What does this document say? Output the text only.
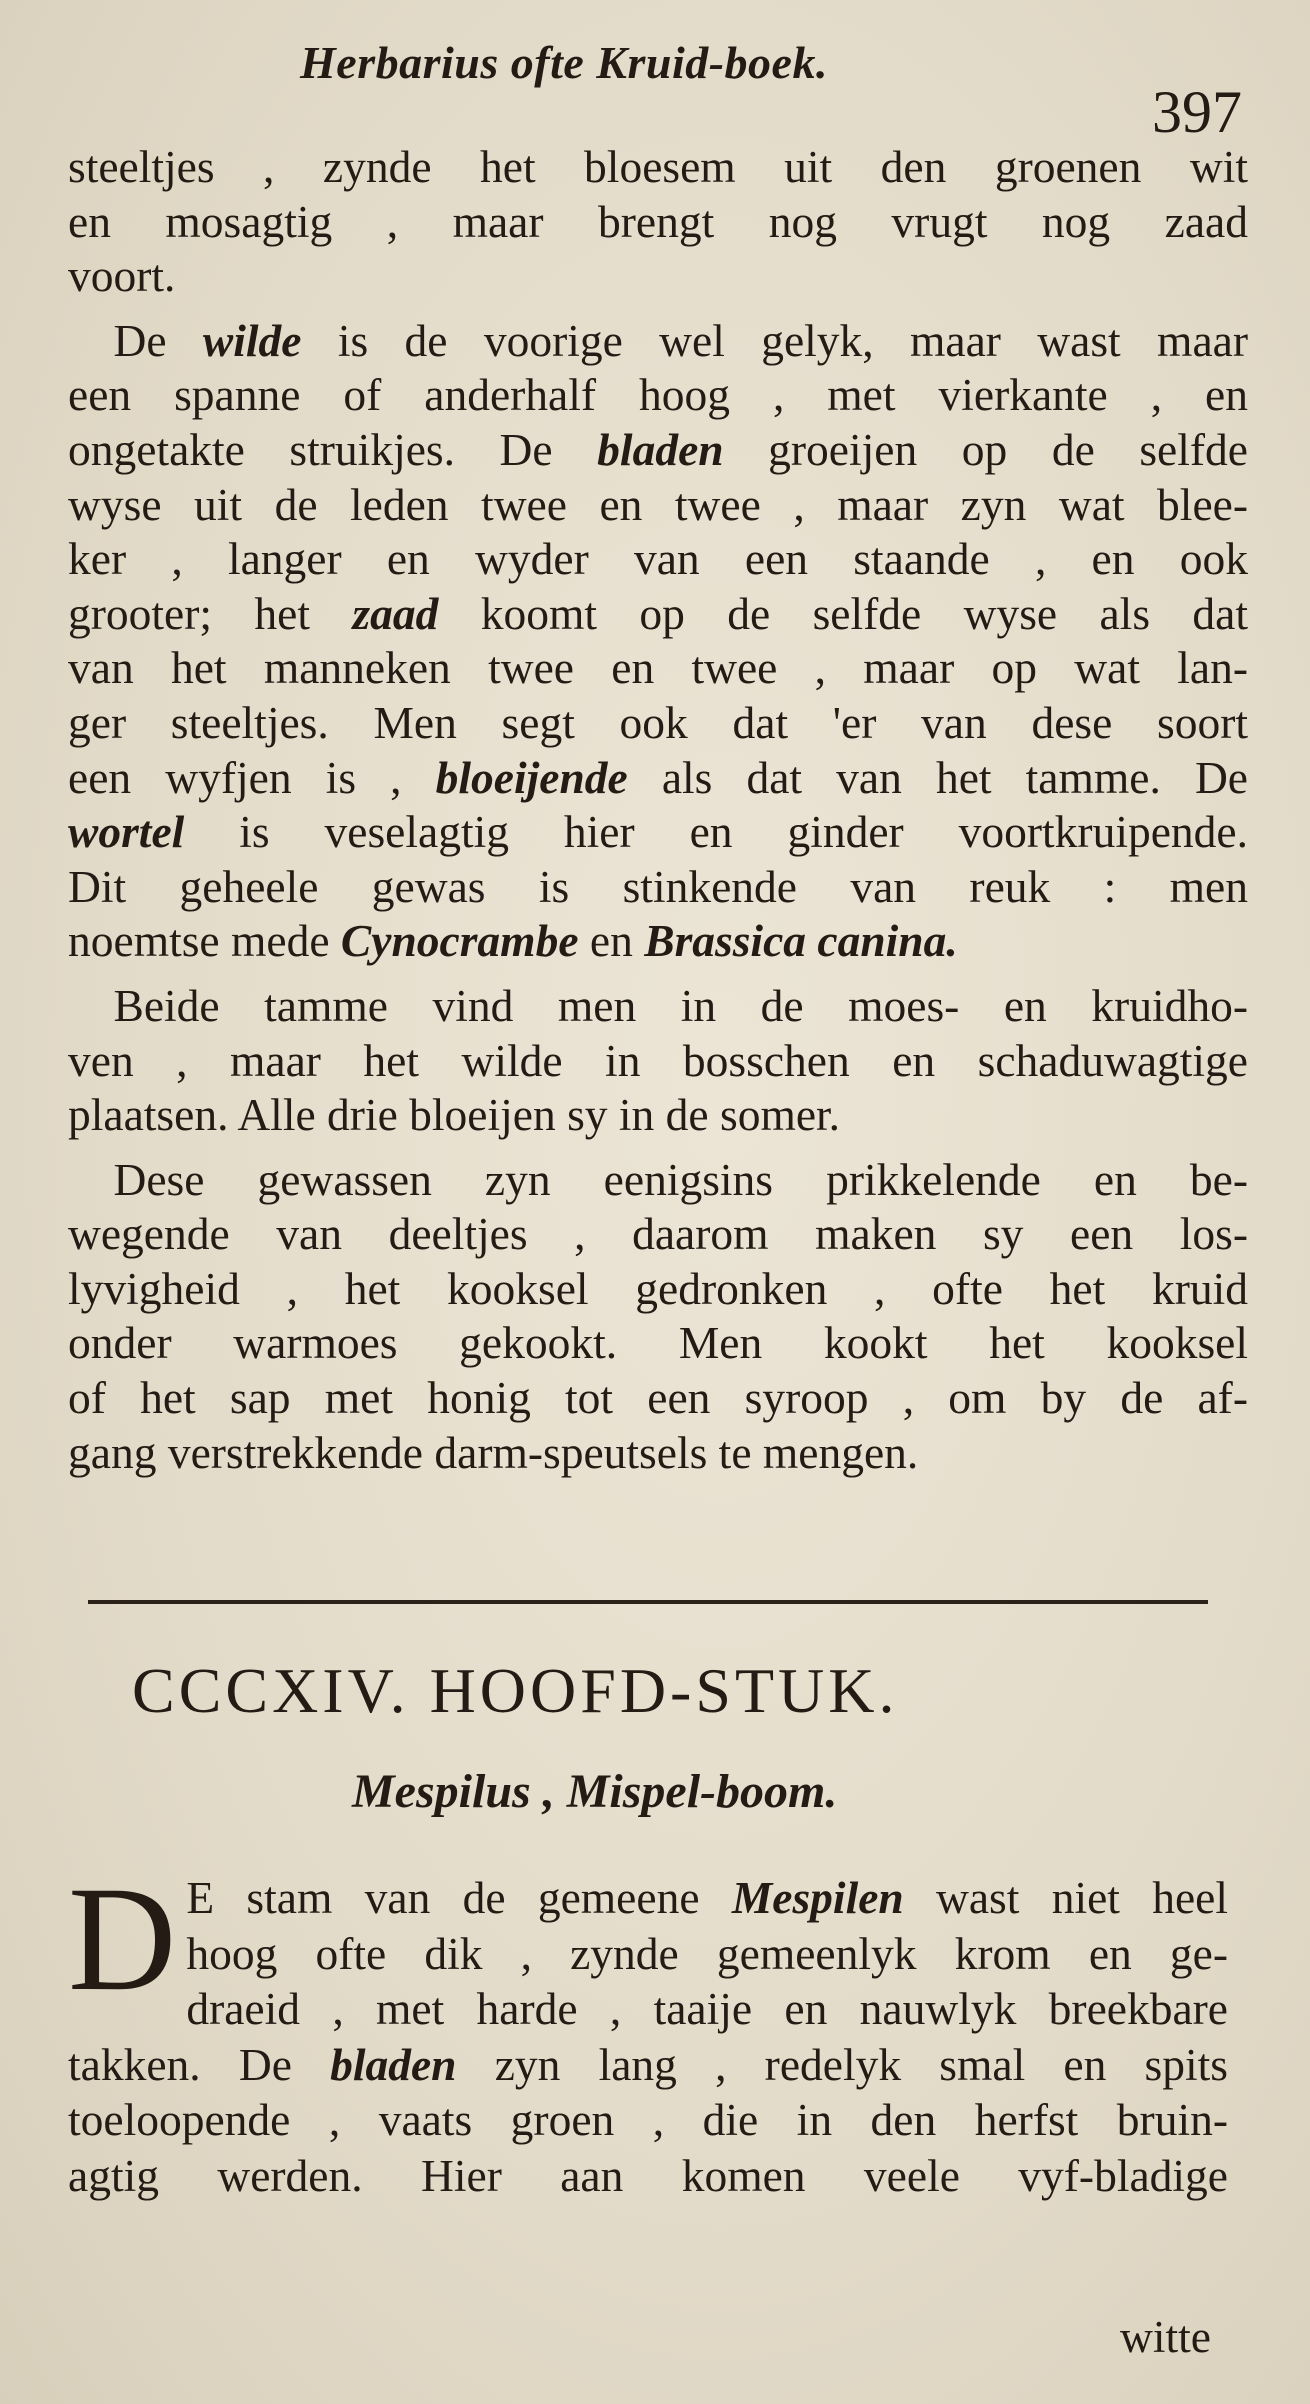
Herbarius ofte Kruid-boek.
397

steeltjes , zynde het bloesem uit den groenen wit

en mosagtig , maar brengt nog vrugt nog zaad

voort.

 De wilde is de voorige wel gelyk, maar wast maar

een spanne of anderhalf hoog , met vierkante , en

ongetakte struikjes. De bladen groeijen op de selfde

wyse uit de leden twee en twee , maar zyn wat blee-

ker , langer en wyder van een staande , en ook

grooter; het zaad koomt op de selfde wyse als dat

van het manneken twee en twee , maar op wat lan-

ger steeltjes. Men segt ook dat 'er van dese soort

een wyfjen is , bloeijende als dat van het tamme. De

wortel is veselagtig hier en ginder voortkruipende.

Dit geheele gewas is stinkende van reuk : men

noemtse mede Cynocrambe en Brassica canina.

 Beide tamme vind men in de moes- en kruidho-

ven , maar het wilde in bosschen en schaduwagtige

plaatsen. Alle drie bloeijen sy in de somer.

 Dese gewassen zyn eenigsins prikkelende en be-

wegende van deeltjes , daarom maken sy een los-

lyvigheid , het kooksel gedronken , ofte het kruid

onder warmoes gekookt. Men kookt het kooksel

of het sap met honig tot een syroop , om by de af-

gang verstrekkende darm-speutsels te mengen.

CCCXIV. HOOFD-STUK.
Mespilus , Mispel-boom.
D E stam van de gemeene Mespilen wast niet heel

hoog ofte dik , zynde gemeenlyk krom en ge-

draeid , met harde , taaije en nauwlyk breekbare

takken. De bladen zyn lang , redelyk smal en spits

toeloopende , vaats groen , die in den herfst bruin-

agtig werden. Hier aan komen veele vyf-bladige

witte
